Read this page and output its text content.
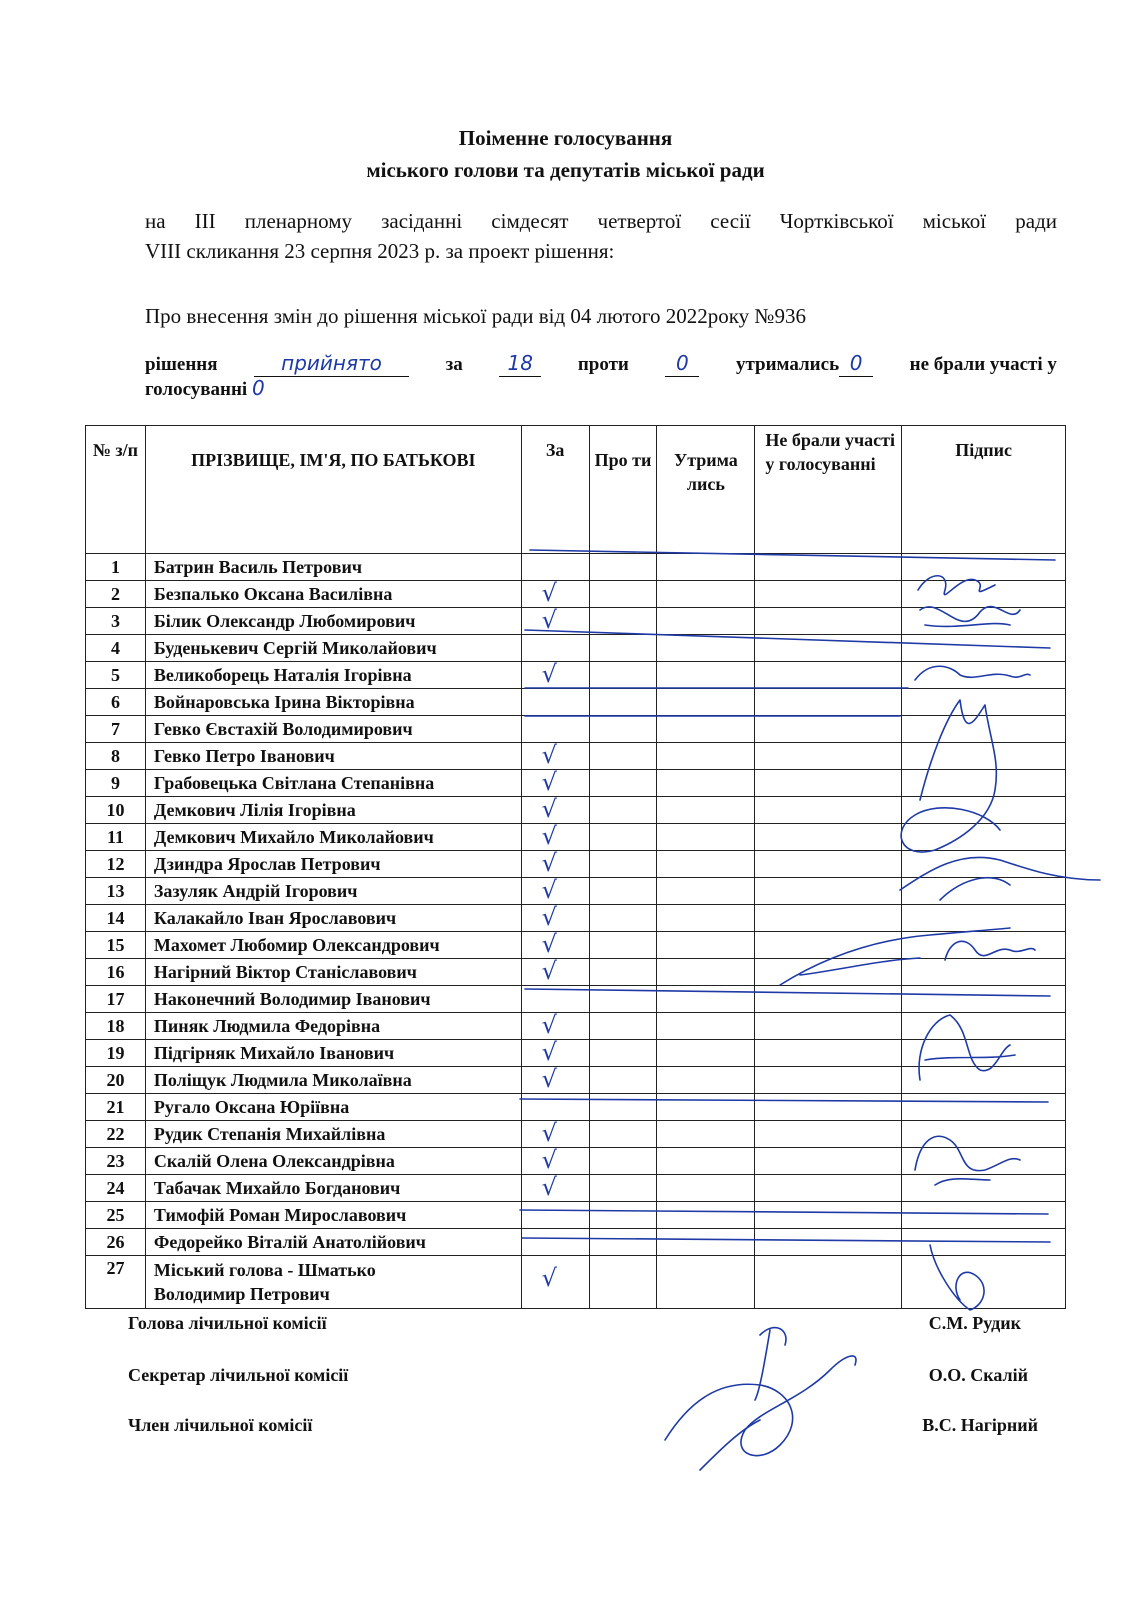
Поіменне голосування
міського голови та депутатів міської ради
на ІІІ пленарному засіданні сімдесят четвертої сесії Чортківської міської ради
VIII скликання 23 серпня 2023 р. за проект рішення:
Про внесення змін до рішення міської ради від 04 лютого 2022року №936
рішення	прийнято	за	18	проти	0	утримались 0	не брали участі у
голосуванні 0
№ з/п	ПРІЗВИЩЕ, ІМ'Я, ПО БАТЬКОВІ	За	Про ти	Утрима лись	Не брали участі у голосуванні	Підпис
1	Батрин Василь Петрович					
2	Безпалько Оксана Василівна	√				

3	Білик Олександр Любомирович	√				

4	Буденькевич Сергій Миколайович					
5	Великоборець Наталія Ігорівна	√				

6	Войнаровська Ірина Вікторівна					
7	Гевко Євстахій Володимирович					
8	Гевко Петро Іванович	√				

9	Грабовецька Світлана Степанівна	√				

10	Демкович Лілія Ігорівна	√				

11	Демкович Михайло Миколайович	√				

12	Дзиндра Ярослав Петрович	√				

13	Зазуляк Андрій Ігорович	√				

14	Калакайло Іван Ярославович	√				

15	Махомет Любомир Олександрович	√				

16	Нагірний Віктор Станіславович	√				

17	Наконечний Володимир Іванович					
18	Пиняк Людмила Федорівна	√				

19	Підгірняк Михайло Іванович	√				

20	Поліщук Людмила Миколаївна	√				

21	Ругало Оксана Юріївна					
22	Рудик Степанія Михайлівна	√				

23	Скалій Олена Олександрівна	√				

24	Табачак Михайло Богданович	√				

25	Тимофій Роман Мирославович					
26	Федорейко Віталій Анатолійович					
27	Міський голова - Шматько
Володимир Петрович	√				

Голова лічильної комісії	С.М. Рудик
Секретар лічильної комісії	О.О. Скалій
Член лічильної комісії	В.С. Нагірний
